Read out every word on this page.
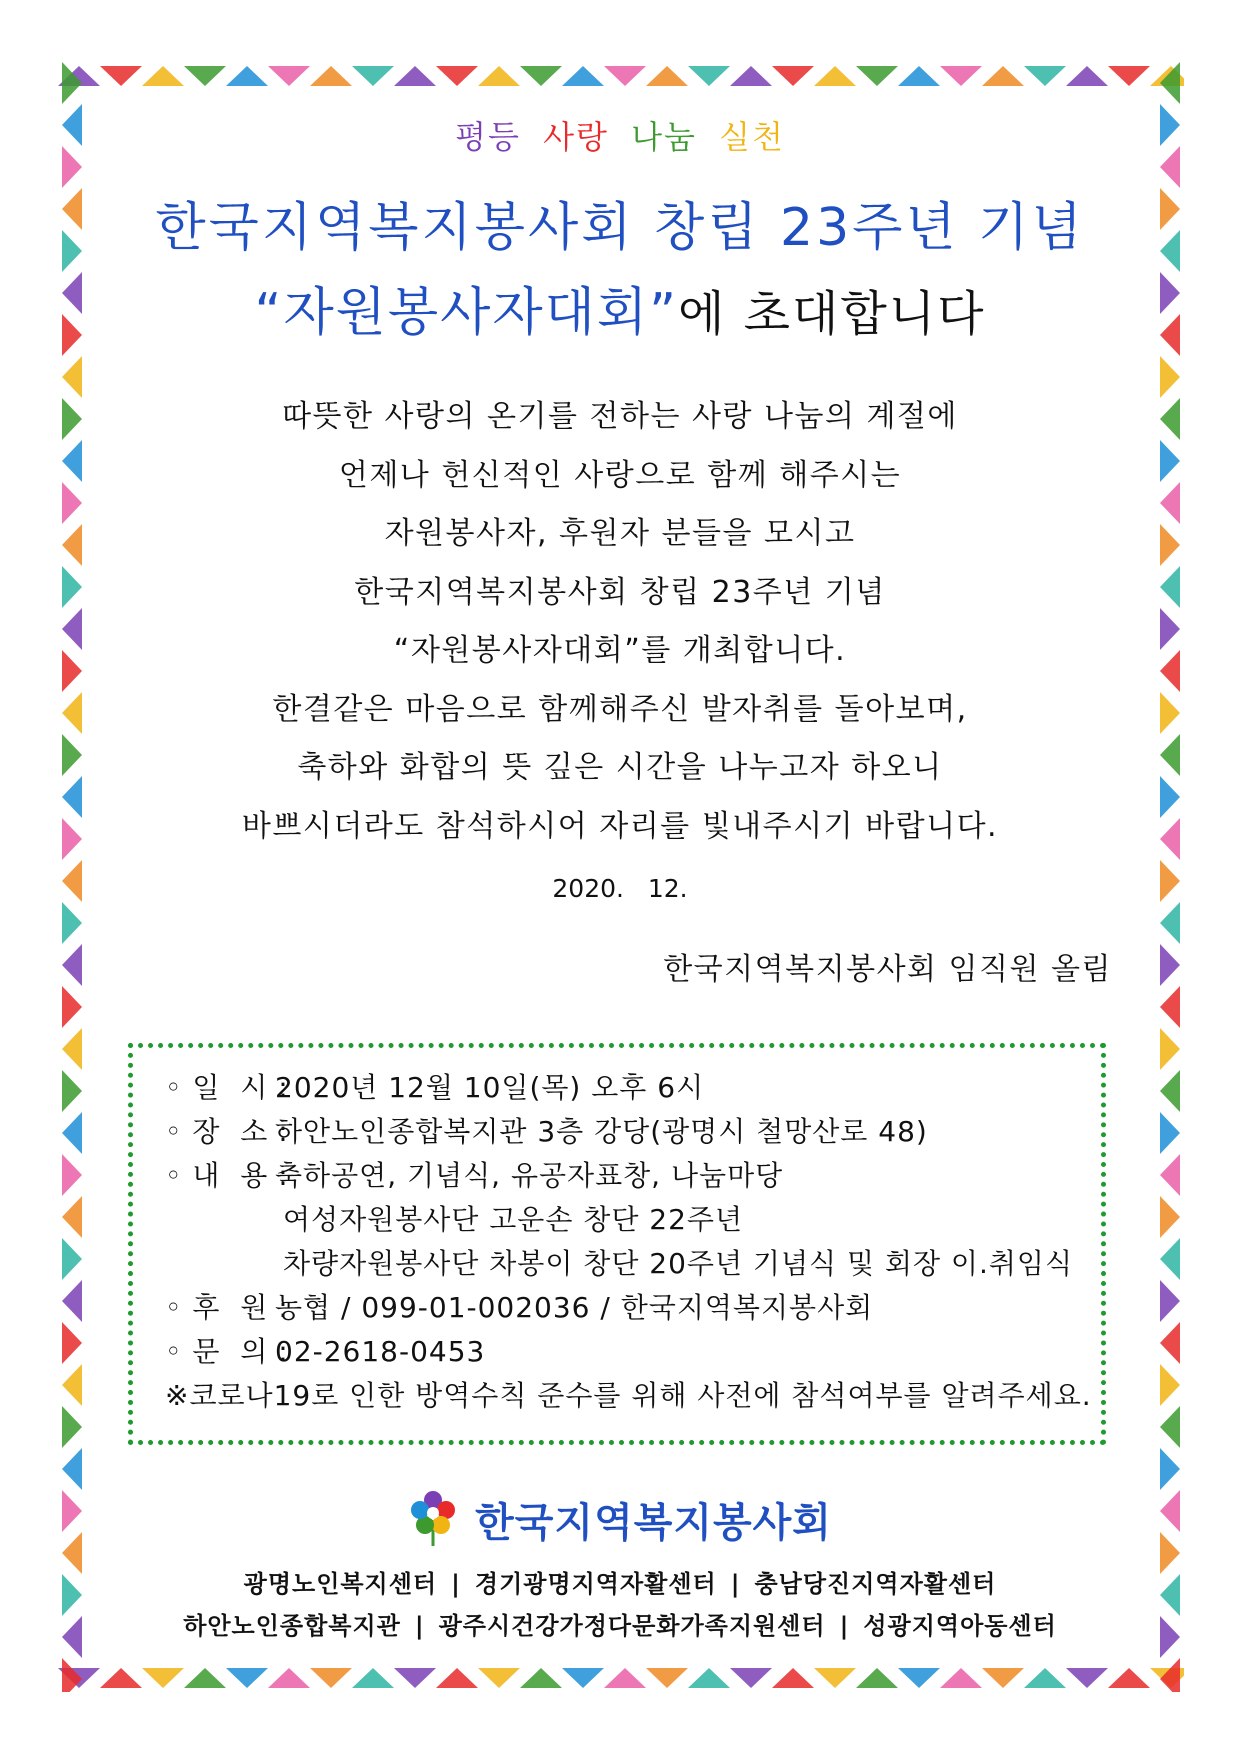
평등 사랑 나눔 실천
한국지역복지봉사회 창립 23주년 기념
“자원봉사자대회”에 초대합니다
따뜻한 사랑의 온기를 전하는 사랑 나눔의 계절에
언제나 헌신적인 사랑으로 함께 해주시는
자원봉사자, 후원자 분들을 모시고
한국지역복지봉사회 창립 23주년 기념
“자원봉사자대회”를 개최합니다.
한결같은 마음으로 함께해주신 발자취를 돌아보며,
축하와 화합의 뜻 깊은 시간을 나누고자 하오니
바쁘시더라도 참석하시어 자리를 빛내주시기 바랍니다.
2020.   12.
한국지역복지봉사회 임직원 올림
◦ 일  시 :2020년 12월 10일(목) 오후 6시
◦ 장  소 :하안노인종합복지관 3층 강당(광명시 철망산로 48)
◦ 내  용 :축하공연, 기념식, 유공자표창, 나눔마당
여성자원봉사단 고운손 창단 22주년
차량자원봉사단 차봉이 창단 20주년 기념식 및 회장 이.취임식
◦ 후  원 :농협 / 099-01-002036 / 한국지역복지봉사회
◦ 문  의 :02-2618-0453
※코로나19로 인한 방역수칙 준수를 위해 사전에 참석여부를 알려주세요.
한국지역복지봉사회
광명노인복지센터 | 경기광명지역자활센터 | 충남당진지역자활센터
하안노인종합복지관 | 광주시건강가정다문화가족지원센터 | 성광지역아동센터
